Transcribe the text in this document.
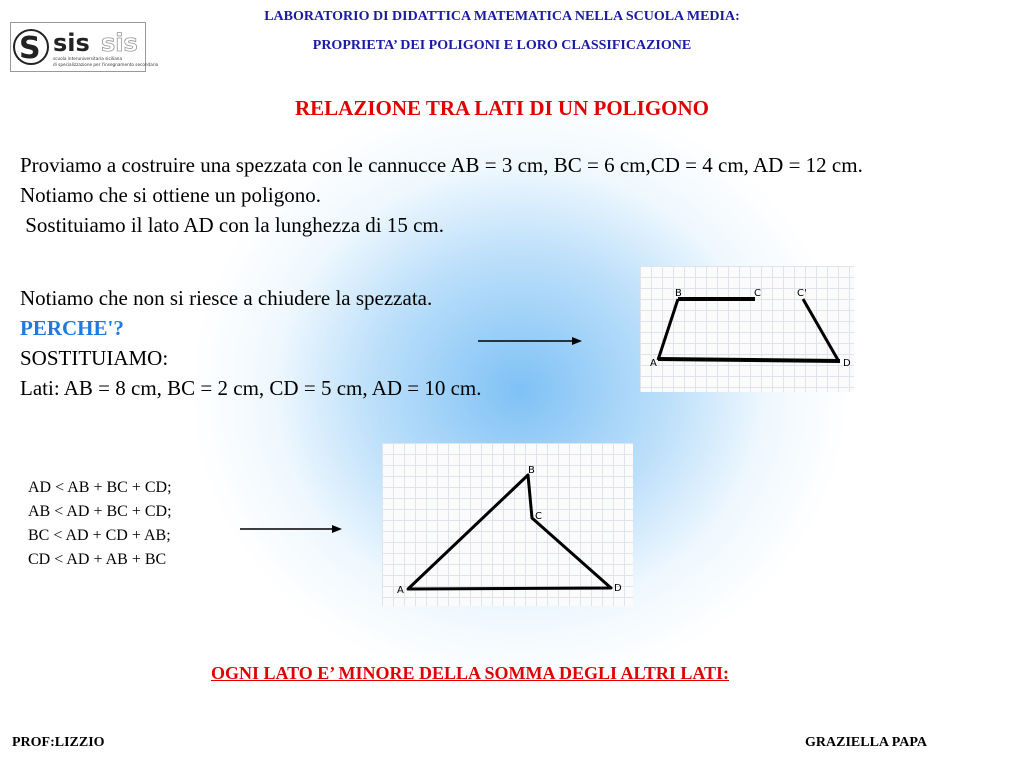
S sis sis
scuola interuniversitaria siciliana
di specializzazione per l'insegnamento secondario
LABORATORIO DI DIDATTICA MATEMATICA NELLA SCUOLA MEDIA:
PROPRIETA’ DEI POLIGONI E LORO CLASSIFICAZIONE
RELAZIONE TRA LATI DI UN POLIGONO
Proviamo a costruire una spezzata con le cannucce AB = 3 cm, BC = 6 cm,CD = 4 cm, AD = 12 cm.
Notiamo che si ottiene un poligono.
Sostituiamo il lato AD con la lunghezza di 15 cm.
Notiamo che non si riesce a chiudere la spezzata.
PERCHE'?
SOSTITUIAMO:
Lati: AB = 8 cm, BC = 2 cm, CD = 5 cm, AD = 10 cm.
B	C	C'
A	D
AD < AB + BC + CD;
AB < AD + BC + CD;
BC < AD + CD + AB;
CD < AD + AB + BC
B
C
A	D
OGNI LATO E’ MINORE DELLA SOMMA DEGLI ALTRI LATI:
PROF:LIZZIO	GRAZIELLA PAPA
